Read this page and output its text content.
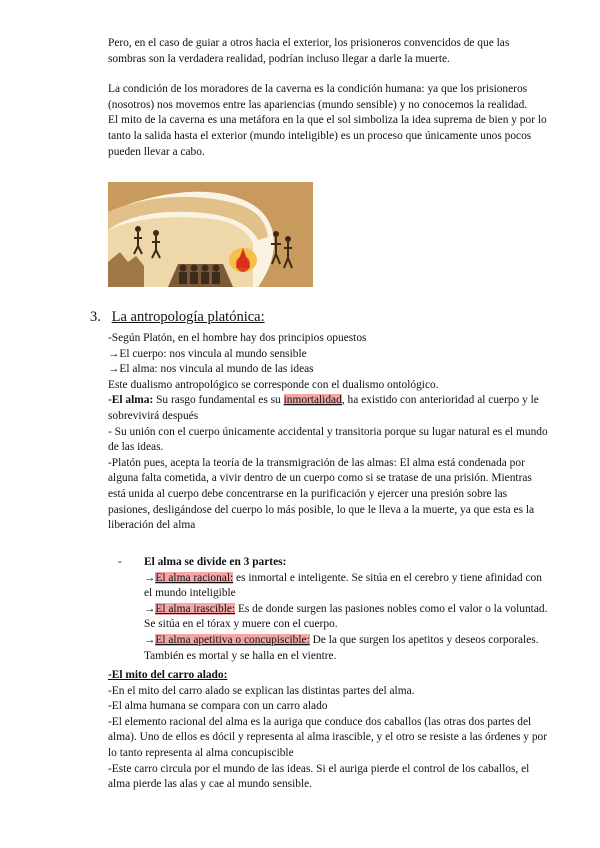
Pero, en el caso de guiar a otros hacia el exterior, los prisioneros convencidos de que las sombras son la verdadera realidad, podrían incluso llegar a darle la muerte.

La condición de los moradores de la caverna es la condición humana: ya que los prisioneros (nosotros) nos movemos entre las apariencias (mundo sensible) y no conocemos la realidad.

El mito de la caverna es una metáfora en la que el sol simboliza la idea suprema de bien y por lo tanto la salida hasta el exterior (mundo inteligible) es un proceso que únicamente unos pocos pueden llevar a cabo.

3. La antropología platónica:

-Según Platón, en el hombre hay dos principios opuestos

→El cuerpo: nos vincula al mundo sensible

→El alma: nos vincula al mundo de las ideas

Este dualismo antropológico se corresponde con el dualismo ontológico.

-El alma: Su rasgo fundamental es su inmortalidad, ha existido con anterioridad al cuerpo y le sobrevivirá después

- Su unión con el cuerpo únicamente accidental y transitoria porque su lugar natural es el mundo de las ideas.

-Platón pues, acepta la teoría de la transmigración de las almas: El alma está condenada por alguna falta cometida, a vivir dentro de un cuerpo como si se tratase de una prisión. Mientras está unida al cuerpo debe concentrarse en la purificación y ejercer una presión sobre las pasiones, desligándose del cuerpo lo más posible, lo que le lleva a la muerte, ya que esta es la liberación del alma

- El alma se divide en 3 partes:

→El alma racional: es inmortal e inteligente. Se sitúa en el cerebro y tiene afinidad con el mundo inteligible

→El alma irascible: Es de donde surgen las pasiones nobles como el valor o la voluntad. Se sitúa en el tórax y muere con el cuerpo.

→El alma apetitiva o concupiscible: De la que surgen los apetitos y deseos corporales. También es mortal y se halla en el vientre.

-El mito del carro alado:

-En el mito del carro alado se explican las distintas partes del alma.

-El alma humana se compara con un carro alado

-El elemento racional del alma es la auriga que conduce dos caballos (las otras dos partes del alma). Uno de ellos es dócil y representa al alma irascible, y el otro se resiste a las órdenes y por lo tanto representa al alma concupiscible

-Este carro circula por el mundo de las ideas. Si el auriga pierde el control de los caballos, el alma pierde las alas y cae al mundo sensible.
